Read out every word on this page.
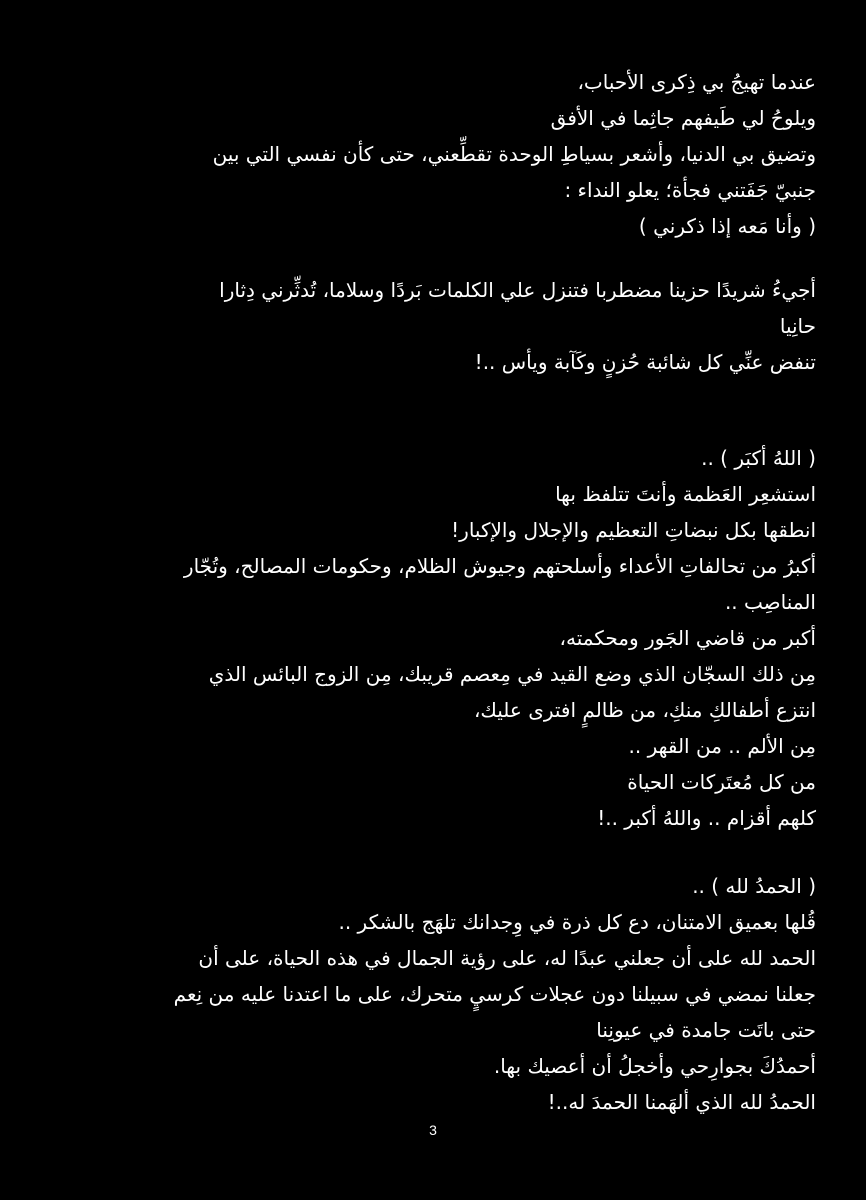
عندما تهيجُ بي ذِكرى الأحباب،
ويلوحُ لي طَيفهم جاثِما في الأفق
وتضيق بي الدنيا، وأشعر بسياطِ الوحدة تقطِّعني، حتى كأن نفسي التي بين
جنبيّ جَفَتني فجأة؛ يعلو النداء :
( وأنا مَعه إذا ذكرني )
أجيءُ شريدًا حزينا مضطربا فتنزل علي الكلمات بَردًا وسلاما، تُدثِّرني دِثارا
حانِيا
تنفض عنِّي كل شائبة حُزنٍ وكَآبة ويأس ..!
( اللهُ أكبَر ) ..
استشعِر العَظمة وأنتَ تتلفظ بها
انطقها بكل نبضاتِ التعظيم والإجلال والإكبار!
أكبرُ من تحالفاتِ الأعداء وأسلحتهم وجيوش الظلام، وحكومات المصالح، وتُجّار
المناصِب ..
أكبر من قاضي الجَور ومحكمته،
مِن ذلك السجّان الذي وضع القيد في مِعصم قريبك، مِن الزوج البائس الذي
انتزع أطفالكِ منكِ، من ظالمٍ افترى عليك،
مِن الألم .. من القهر ..
من كل مُعتَركات الحياة
كلهم أقزام .. واللهُ أكبر ..!
( الحمدُ لله ) ..
قُلها بعميق الامتنان، دع كل ذرة في وِجدانك تلهَج بالشكر ..
الحمد لله على أن جعلني عبدًا له، على رؤية الجمال في هذه الحياة، على أن
جعلنا نمضي في سبيلنا دون عجلات كرسيٍ متحرك، على ما اعتدنا عليه من نِعم
حتى باتَت جامدة في عيونِنا
أحمدُكَ بجوارِحي وأخجلُ أن أعصيك بها.
الحمدُ لله الذي ألهَمنا الحمدَ له..!
3
